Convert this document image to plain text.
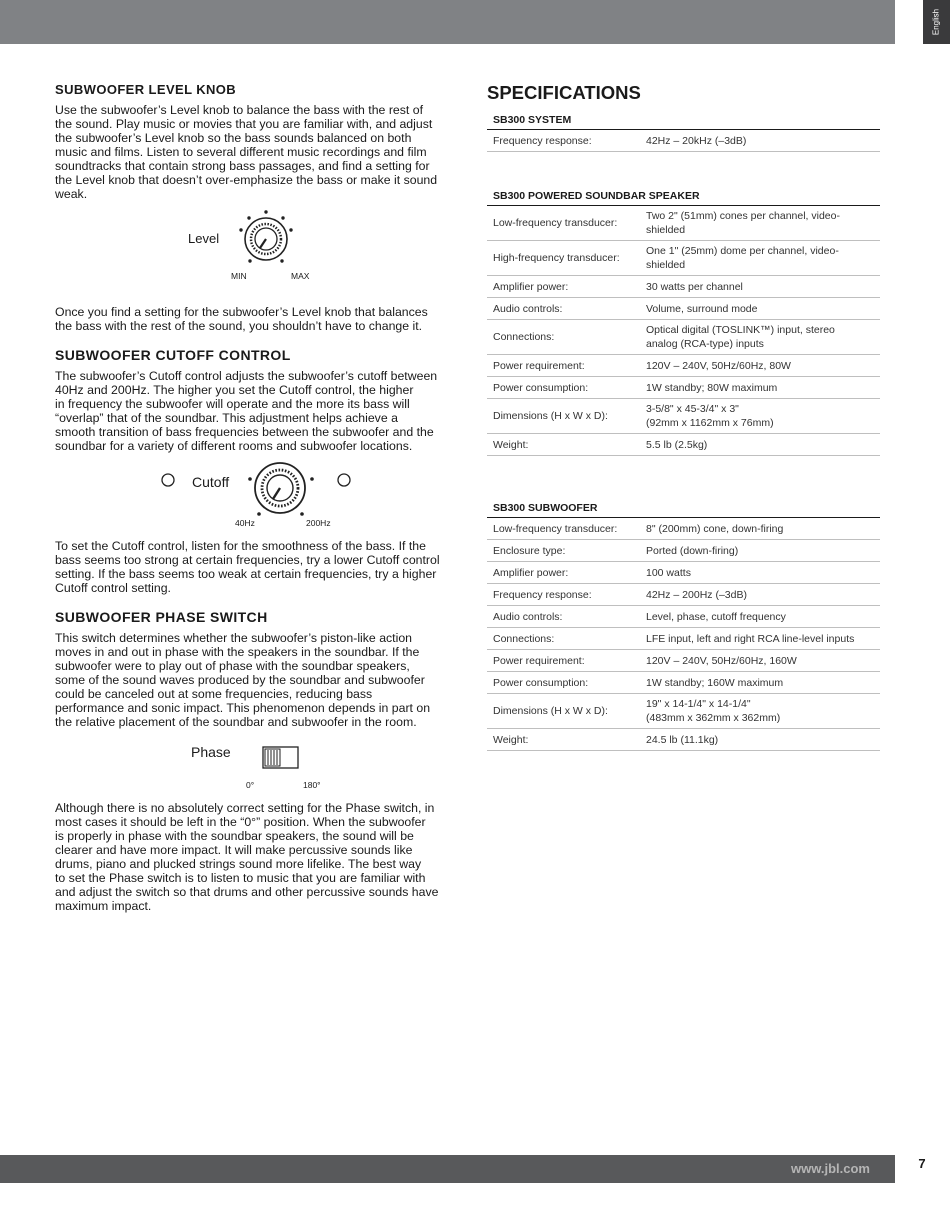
English
SUBWOOFER LEVEL KNOB
Use the subwoofer’s Level knob to balance the bass with the rest of
the sound. Play music or movies that you are familiar with, and adjust
the subwoofer’s Level knob so the bass sounds balanced on both
music and films. Listen to several different music recordings and film
soundtracks that contain strong bass passages, and find a setting for
the Level knob that doesn’t over-emphasize the bass or make it sound
weak.
Level
MIN	MAX
Once you find a setting for the subwoofer’s Level knob that balances
the bass with the rest of the sound, you shouldn’t have to change it.
SUBWOOFER CUTOFF CONTROL
The subwoofer’s Cutoff control adjusts the subwoofer’s cutoff between
40Hz and 200Hz. The higher you set the Cutoff control, the higher
in frequency the subwoofer will operate and the more its bass will
“overlap” that of the soundbar. This adjustment helps achieve a
smooth transition of bass frequencies between the subwoofer and the
soundbar for a variety of different rooms and subwoofer locations.
Cutoff
40Hz	200Hz
To set the Cutoff control, listen for the smoothness of the bass. If the
bass seems too strong at certain frequencies, try a lower Cutoff control
setting. If the bass seems too weak at certain frequencies, try a higher
Cutoff control setting.
SUBWOOFER PHASE SWITCH
This switch determines whether the subwoofer’s piston-like action
moves in and out in phase with the speakers in the soundbar. If the
subwoofer were to play out of phase with the soundbar speakers,
some of the sound waves produced by the soundbar and subwoofer
could be canceled out at some frequencies, reducing bass
performance and sonic impact. This phenomenon depends in part on
the relative placement of the soundbar and subwoofer in the room.
Phase
0°	180°
Although there is no absolutely correct setting for the Phase switch, in
most cases it should be left in the “0°” position. When the subwoofer
is properly in phase with the soundbar speakers, the sound will be
clearer and have more impact. It will make percussive sounds like
drums, piano and plucked strings sound more lifelike. The best way
to set the Phase switch is to listen to music that you are familiar with
and adjust the switch so that drums and other percussive sounds have
maximum impact.
SPECIFICATIONS
SB300 SYSTEM
Frequency response:	42Hz – 20kHz (–3dB)
SB300 POWERED SOUNDBAR SPEAKER
Low-frequency transducer:
Two 2" (51mm) cones per channel, video-
shielded
High-frequency transducer:
One 1" (25mm) dome per channel, video-
shielded
Amplifier power:	30 watts per channel
Audio controls:	Volume, surround mode
Connections:
Optical digital (TOSLINK™) input, stereo
analog (RCA-type) inputs
Power requirement:	120V – 240V, 50Hz/60Hz, 80W
Power consumption:	1W standby; 80W maximum
Dimensions (H x W x D):
3-5/8" x 45-3/4" x 3"
(92mm x 1162mm x 76mm)
Weight:	5.5 lb (2.5kg)
SB300 SUBWOOFER
Low-frequency transducer:	8" (200mm) cone, down-firing
Enclosure type:	Ported (down-firing)
Amplifier power:	100 watts
Frequency response:	42Hz – 200Hz (–3dB)
Audio controls:	Level, phase, cutoff frequency
Connections:	LFE input, left and right RCA line-level inputs
Power requirement:	120V – 240V, 50Hz/60Hz, 160W
Power consumption:	1W standby; 160W maximum
Dimensions (H x W x D):
19" x 14-1/4" x 14-1/4"
(483mm x 362mm x 362mm)
Weight:	24.5 lb (11.1kg)
www.jbl.com	7
